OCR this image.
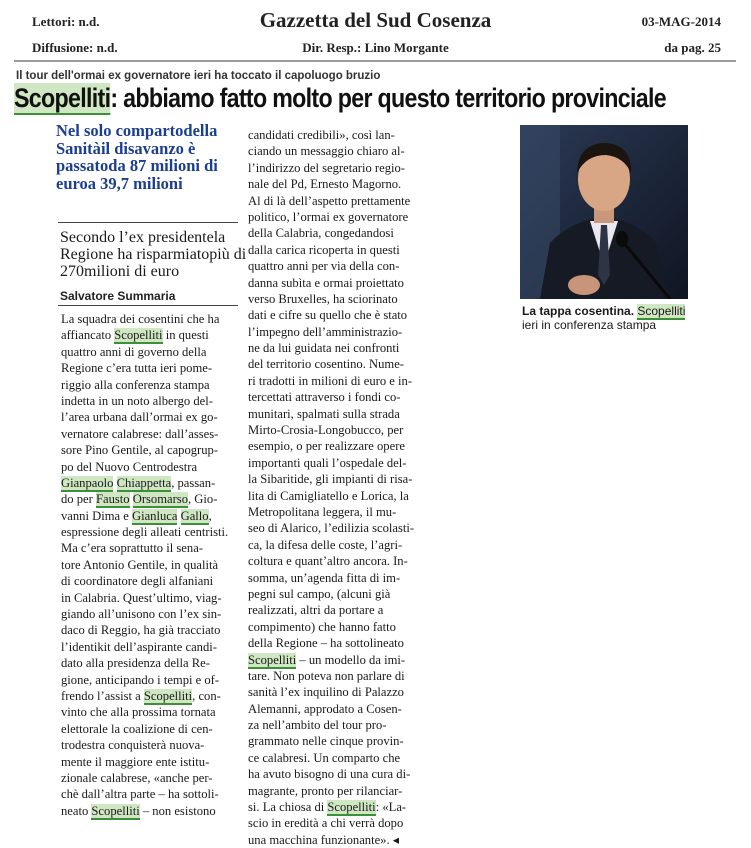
Lettori: n.d.
Diffusione: n.d.
Gazzetta del Sud Cosenza
Dir. Resp.: Lino Morgante
03-MAG-2014
da pag. 25
Il tour dell'ormai ex governatore ieri ha toccato il capoluogo bruzio
Scopelliti: abbiamo fatto molto per questo territorio provinciale
Nel solo compartodella Sanitàil disavanzo è passatoda 87 milioni di euroa 39,7 milioni
Secondo l’ex presidentela Regione ha risparmiatopiù di 270milioni di euro
Salvatore Summaria
La squadra dei cosentini che ha
affiancato Scopelliti in questi
quattro anni di governo della
Regione c’era tutta ieri pome-
riggio alla conferenza stampa
indetta in un noto albergo del-
l’area urbana dall’ormai ex go-
vernatore calabrese: dall’asses-
sore Pino Gentile, al capogrup-
po del Nuovo Centrodestra
Gianpaolo Chiappetta, passan-
do per Fausto Orsomarso, Gio-
vanni Dima e Gianluca Gallo,
espressione degli alleati centristi.
Ma c’era soprattutto il sena-
tore Antonio Gentile, in qualità
di coordinatore degli alfaniani
in Calabria. Quest’ultimo, viag-
giando all’unisono con l’ex sin-
daco di Reggio, ha già tracciato
l’identikit dell’aspirante candi-
dato alla presidenza della Re-
gione, anticipando i tempi e of-
frendo l’assist a Scopelliti, con-
vinto che alla prossima tornata
elettorale la coalizione di cen-
trodestra conquisterà nuova-
mente il maggiore ente istitu-
zionale calabrese, «anche per-
chè dall’altra parte – ha sottoli-
neato Scopelliti – non esistono
candidati credibili», così lan-
ciando un messaggio chiaro al-
l’indirizzo del segretario regio-
nale del Pd, Ernesto Magorno.
Al di là dell’aspetto prettamente
politico, l’ormai ex governatore
della Calabria, congedandosi
dalla carica ricoperta in questi
quattro anni per via della con-
danna subìta e ormai proiettato
verso Bruxelles, ha sciorinato
dati e cifre su quello che è stato
l’impegno dell’amministrazio-
ne da lui guidata nei confronti
del territorio cosentino. Nume-
ri tradotti in milioni di euro e in-
tercettati attraverso i fondi co-
munitari, spalmati sulla strada
Mirto-Crosia-Longobucco, per
esempio, o per realizzare opere
importanti quali l’ospedale del-
la Sibaritide, gli impianti di risa-
lita di Camigliatello e Lorica, la
Metropolitana leggera, il mu-
seo di Alarico, l’edilizia scolasti-
ca, la difesa delle coste, l’agri-
coltura e quant’altro ancora. In-
somma, un’agenda fitta di im-
pegni sul campo, (alcuni già
realizzati, altri da portare a
compimento) che hanno fatto
della Regione – ha sottolineato
Scopelliti – un modello da imi-
tare. Non poteva non parlare di
sanità l’ex inquilino di Palazzo
Alemanni, approdato a Cosen-
za nell’ambito del tour pro-
grammato nelle cinque provin-
ce calabresi. Un comparto che
ha avuto bisogno di una cura di-
magrante, pronto per rilanciar-
si. La chiosa di Scopelliti: «La-
scio in eredità a chi verrà dopo
una macchina funzionante». ◂
La tappa cosentina. Scopelliti
ieri in conferenza stampa
